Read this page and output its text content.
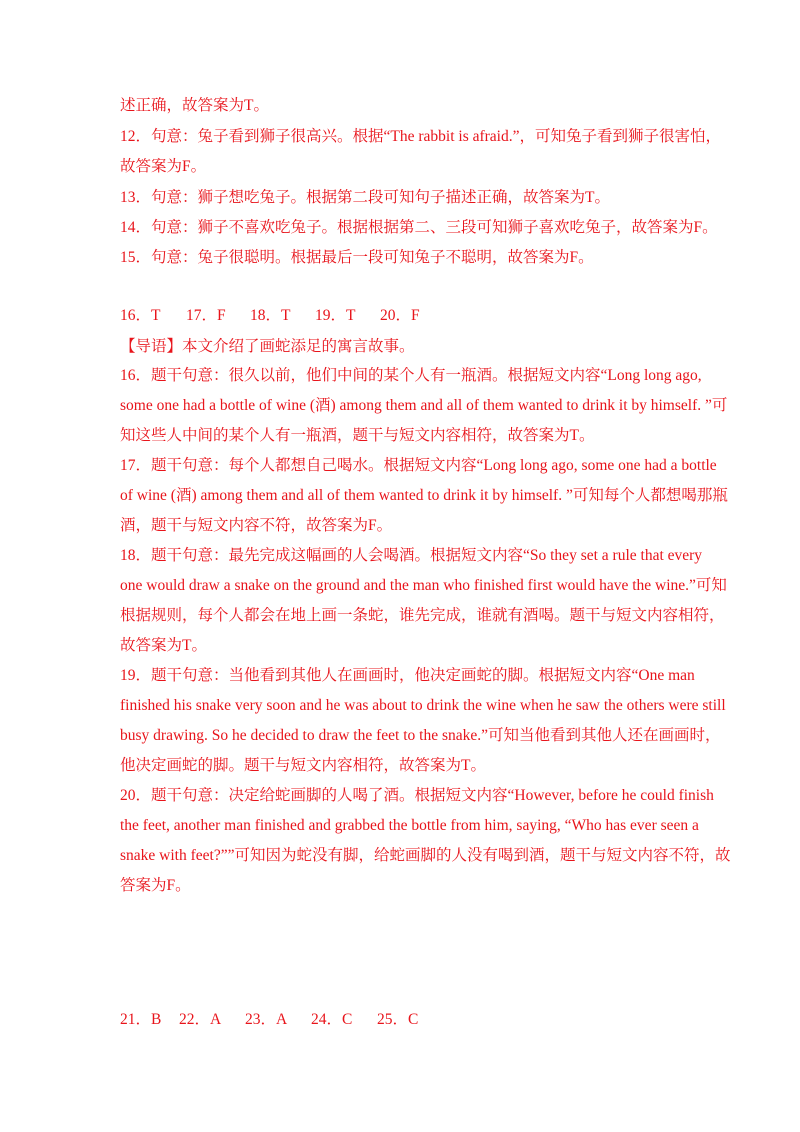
述正确，故答案为T。
12．句意：兔子看到狮子很高兴。根据“The rabbit is afraid.”，可知兔子看到狮子很害怕，
故答案为F。
13．句意：狮子想吃兔子。根据第二段可知句子描述正确，故答案为T。
14．句意：狮子不喜欢吃兔子。根据根据第二、三段可知狮子喜欢吃兔子，故答案为F。
15．句意：兔子很聪明。根据最后一段可知兔子不聪明，故答案为F。
16．T 17．F 18．T 19．T 20．F
【导语】本文介绍了画蛇添足的寓言故事。
16．题干句意：很久以前，他们中间的某个人有一瓶酒。根据短文内容“Long long ago,
some one had a bottle of wine (酒) among them and all of them wanted to drink it by himself. ”可
知这些人中间的某个人有一瓶酒，题干与短文内容相符，故答案为T。
17．题干句意：每个人都想自己喝水。根据短文内容“Long long ago, some one had a bottle
of wine (酒) among them and all of them wanted to drink it by himself. ”可知每个人都想喝那瓶
酒，题干与短文内容不符，故答案为F。
18．题干句意：最先完成这幅画的人会喝酒。根据短文内容“So they set a rule that every
one would draw a snake on the ground and the man who finished first would have the wine.”可知
根据规则，每个人都会在地上画一条蛇，谁先完成，谁就有酒喝。题干与短文内容相符，
故答案为T。
19．题干句意：当他看到其他人在画画时，他决定画蛇的脚。根据短文内容“One man
finished his snake very soon and he was about to drink the wine when he saw the others were still
busy drawing. So he decided to draw the feet to the snake.”可知当他看到其他人还在画画时，
他决定画蛇的脚。题干与短文内容相符，故答案为T。
20．题干句意：决定给蛇画脚的人喝了酒。根据短文内容“However, before he could finish
the feet, another man finished and grabbed the bottle from him, saying, “Who has ever seen a
snake with feet?””可知因为蛇没有脚，给蛇画脚的人没有喝到酒，题干与短文内容不符，故
答案为F。
21．B 22．A 23．A 24．C 25．C
